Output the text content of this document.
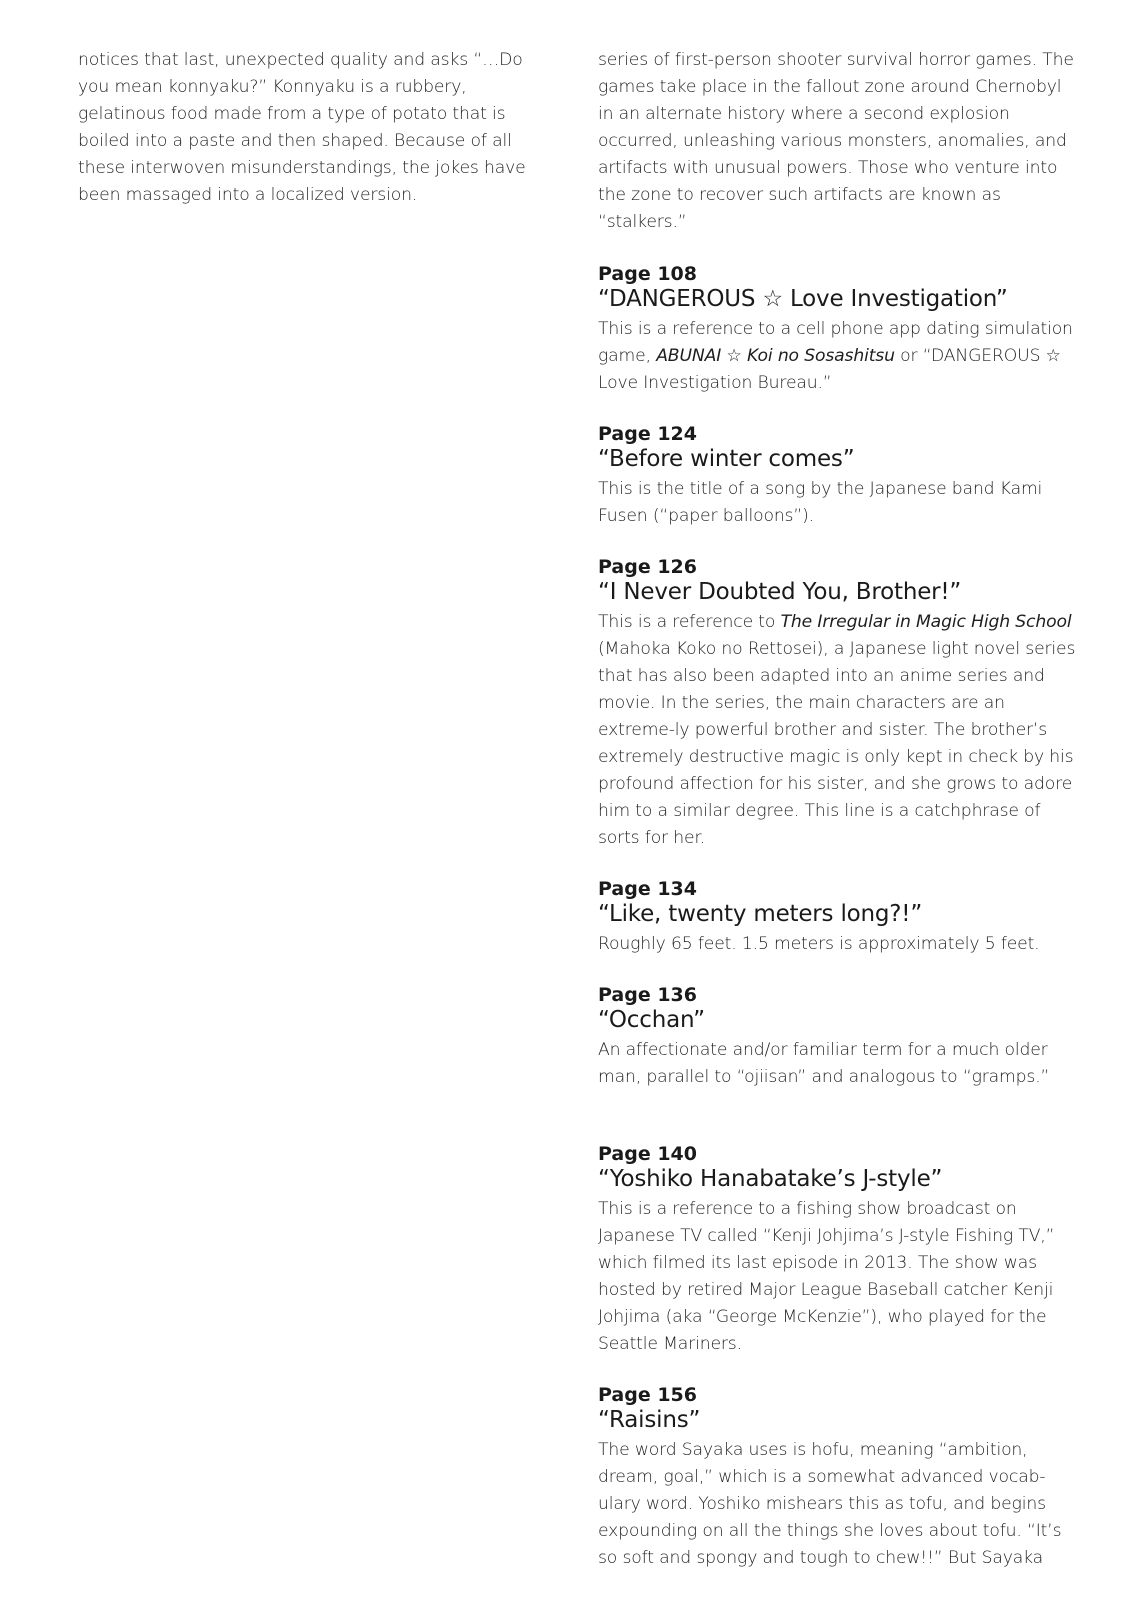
notices that last, unexpected quality and asks “…Do you mean konnyaku?” Konnyaku is a rubbery, gelatinous food made from a type of potato that is boiled into a paste and then shaped. Because of all these interwoven misunderstandings, the jokes have been massaged into a localized version.

series of first-person shooter survival horror games. The games take place in the fallout zone around Chernobyl in an alternate history where a second explosion occurred, unleashing various monsters, anomalies, and artifacts with unusual powers. Those who venture into the zone to recover such artifacts are known as “stalkers.”

Page 108

“DANGEROUS ☆ Love Investigation”

This is a reference to a cell phone app dating simulation game, ABUNAI ☆ Koi no Sosashitsu or “DANGEROUS ☆ Love Investigation Bureau.”

Page 124

“Before winter comes”

This is the title of a song by the Japanese band Kami Fusen (“paper balloons”).

Page 126

“I Never Doubted You, Brother!”

This is a reference to The Irregular in Magic High School (Mahoka Koko no Rettosei), a Japanese light novel series that has also been adapted into an anime series and movie. In the series, the main characters are an extreme-ly powerful brother and sister. The brother’s extremely destructive magic is only kept in check by his profound affection for his sister, and she grows to adore him to a similar degree. This line is a catchphrase of sorts for her.

Page 134

“Like, twenty meters long?!”

Roughly 65 feet. 1.5 meters is approximately 5 feet.

Page 136

“Occhan”

An affectionate and/or familiar term for a much older man, parallel to “ojiisan” and analogous to “gramps.”

Page 140

“Yoshiko Hanabatake’s J-style”

This is a reference to a fishing show broadcast on Japanese TV called “Kenji Johjima’s J-style Fishing TV,” which filmed its last episode in 2013. The show was hosted by retired Major League Baseball catcher Kenji Johjima (aka “George McKenzie”), who played for the Seattle Mariners.

Page 156

“Raisins”

The word Sayaka uses is hofu, meaning “ambition, dream, goal,” which is a somewhat advanced vocab-ulary word. Yoshiko mishears this as tofu, and begins expounding on all the things she loves about tofu. “It’s so soft and spongy and tough to chew!!” But Sayaka
